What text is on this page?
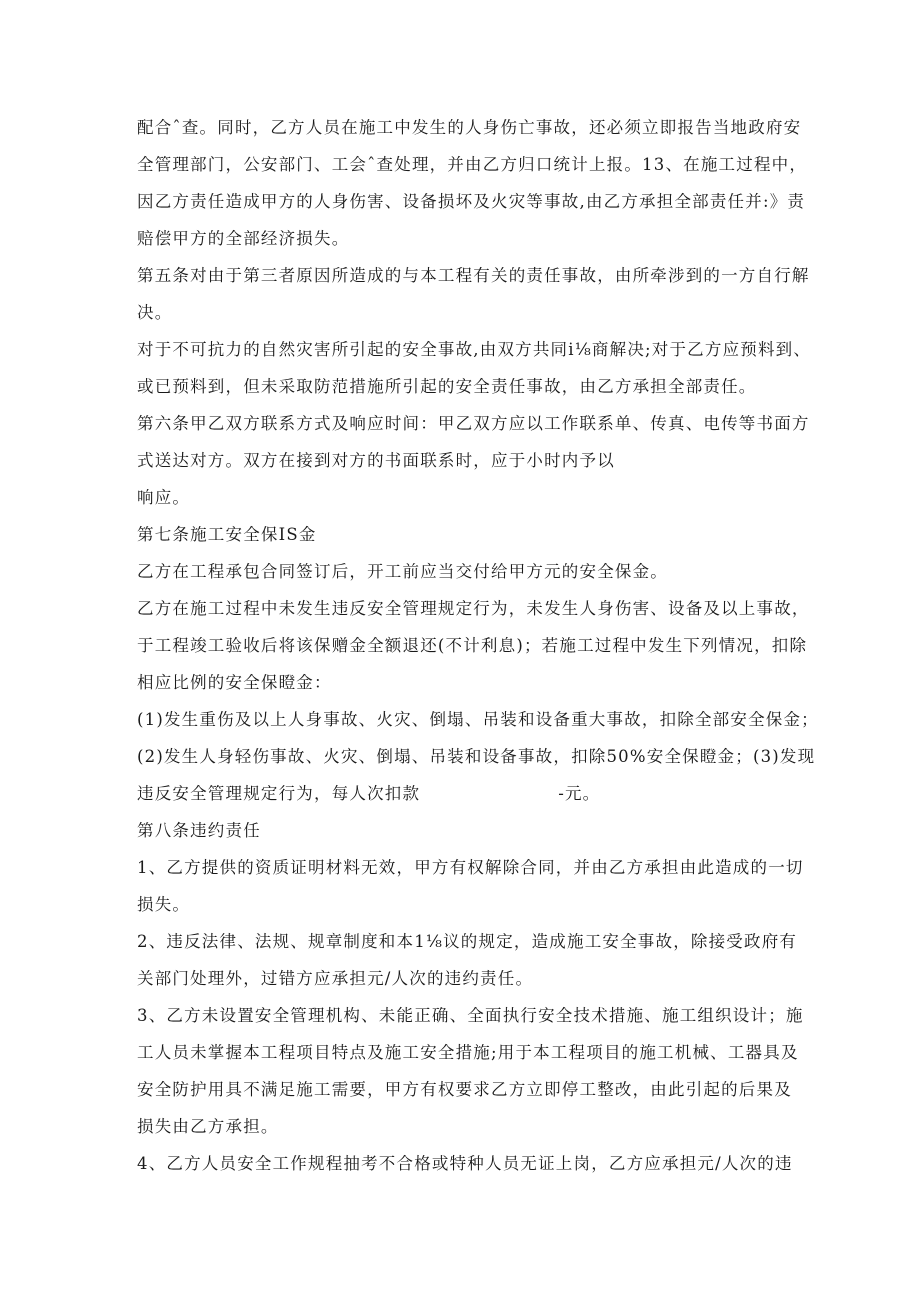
配合ˆ查。同时，乙方人员在施工中发生的人身伤亡事故，还必须立即报告当地政府安
全管理部门，公安部门、工会ˆ查处理，并由乙方归口统计上报。13、在施工过程中，
因乙方责任造成甲方的人身伤害、设备损坏及火灾等事故,由乙方承担全部责任并:》责
赔偿甲方的全部经济损失。
第五条对由于第三者原因所造成的与本工程有关的责任事故，由所牵涉到的一方自行解
决。
对于不可抗力的自然灾害所引起的安全事故,由双方共同i⅛商解决;对于乙方应预料到、
或已预料到，但未采取防范措施所引起的安全责任事故，由乙方承担全部责任。
第六条甲乙双方联系方式及响应时间：甲乙双方应以工作联系单、传真、电传等书面方
式送达对方。双方在接到对方的书面联系时，应于小时内予以
响应。
第七条施工安全保IS金
乙方在工程承包合同签订后，开工前应当交付给甲方元的安全保金。
乙方在施工过程中未发生违反安全管理规定行为，未发生人身伤害、设备及以上事故，
于工程竣工验收后将该保赠金全额退还(不计利息)；若施工过程中发生下列情况，扣除
相应比例的安全保瞪金：
(1)发生重伤及以上人身事故、火灾、倒塌、吊装和设备重大事故，扣除全部安全保金；
(2)发生人身轻伤事故、火灾、倒塌、吊装和设备事故，扣除50%安全保瞪金；(3)发现
违反安全管理规定行为，每人次扣款	-元。
第八条违约责任
1、乙方提供的资质证明材料无效，甲方有权解除合同，并由乙方承担由此造成的一切
损失。
2、违反法律、法规、规章制度和本1⅛议的规定，造成施工安全事故，除接受政府有
关部门处理外，过错方应承担元/人次的违约责任。
3、乙方未设置安全管理机构、未能正确、全面执行安全技术措施、施工组织设计；施
工人员未掌握本工程项目特点及施工安全措施;用于本工程项目的施工机械、工器具及
安全防护用具不满足施工需要，甲方有权要求乙方立即停工整改，由此引起的后果及
损失由乙方承担。
4、乙方人员安全工作规程抽考不合格或特种人员无证上岗，乙方应承担元/人次的违
